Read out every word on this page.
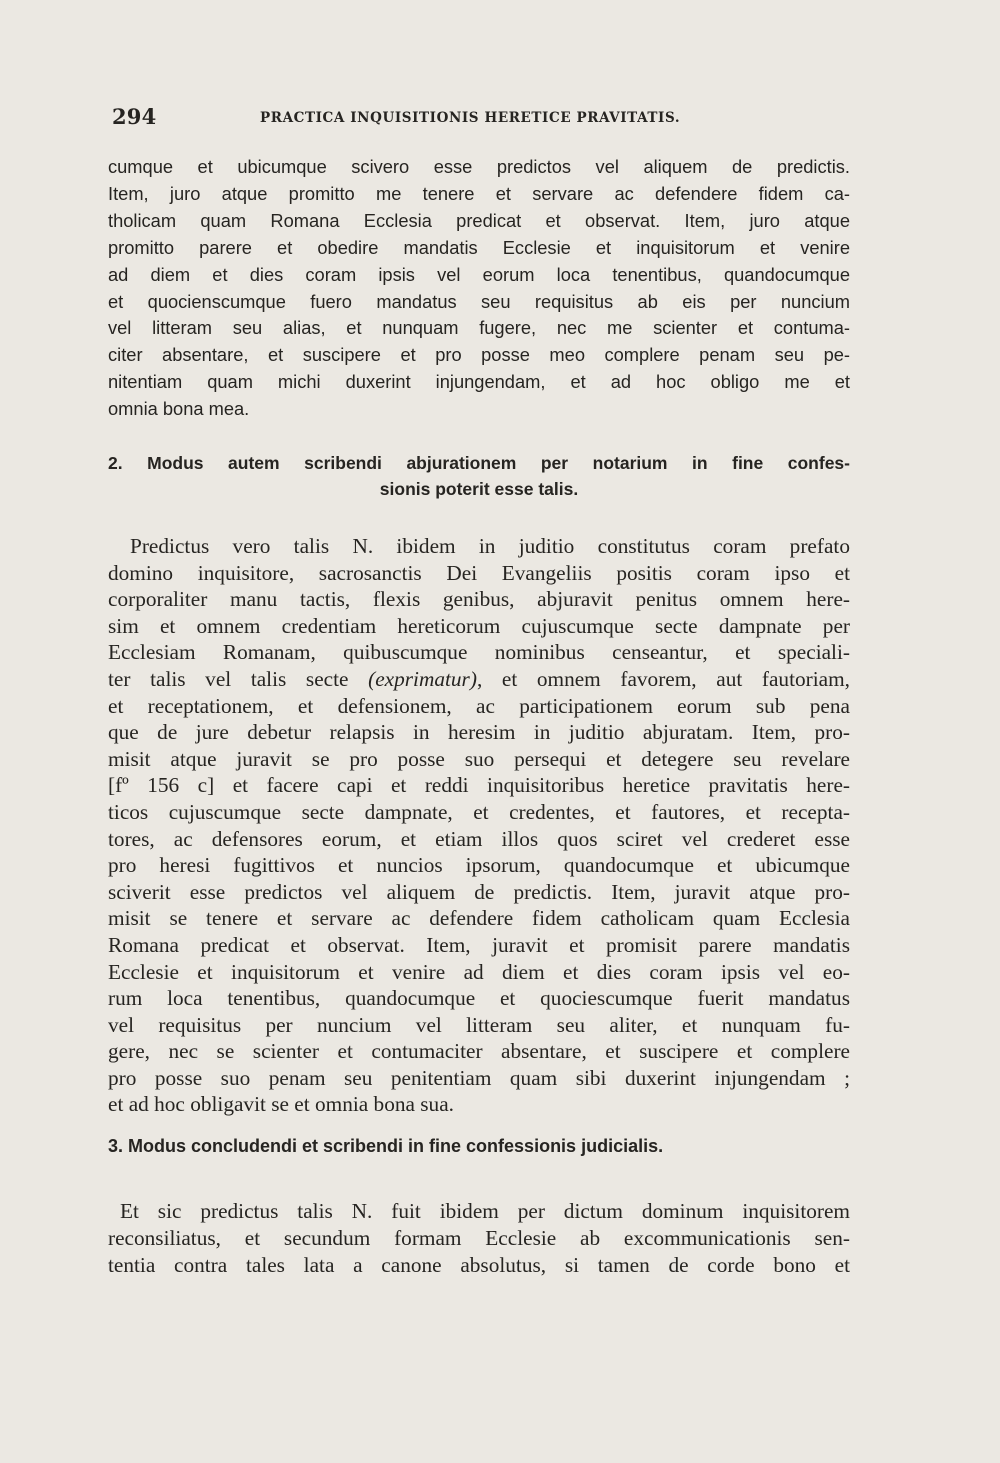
294	PRACTICA INQUISITIONIS HERETICE PRAVITATIS.
cumque et ubicumque scivero esse predictos vel aliquem de predictis.
Item, juro atque promitto me tenere et servare ac defendere fidem ca-
tholicam quam Romana Ecclesia predicat et observat. Item, juro atque
promitto parere et obedire mandatis Ecclesie et inquisitorum et venire
ad diem et dies coram ipsis vel eorum loca tenentibus, quandocumque
et quocienscumque fuero mandatus seu requisitus ab eis per nuncium
vel litteram seu alias, et nunquam fugere, nec me scienter et contuma-
citer absentare, et suscipere et pro posse meo complere penam seu pe-
nitentiam quam michi duxerint injungendam, et ad hoc obligo me et
omnia bona mea.
2. Modus autem scribendi abjurationem per notarium in fine confes-
sionis poterit esse talis.
Predictus vero talis N. ibidem in juditio constitutus coram prefato
domino inquisitore, sacrosanctis Dei Evangeliis positis coram ipso et
corporaliter manu tactis, flexis genibus, abjuravit penitus omnem here-
sim et omnem credentiam hereticorum cujuscumque secte dampnate per
Ecclesiam Romanam, quibuscumque nominibus censeantur, et speciali-
ter talis vel talis secte (exprimatur), et omnem favorem, aut fautoriam,
et receptationem, et defensionem, ac participationem eorum sub pena
que de jure debetur relapsis in heresim in juditio abjuratam. Item, pro-
misit atque juravit se pro posse suo persequi et detegere seu revelare
[fº 156 c] et facere capi et reddi inquisitoribus heretice pravitatis here-
ticos cujuscumque secte dampnate, et credentes, et fautores, et recepta-
tores, ac defensores eorum, et etiam illos quos sciret vel crederet esse
pro heresi fugittivos et nuncios ipsorum, quandocumque et ubicumque
sciverit esse predictos vel aliquem de predictis. Item, juravit atque pro-
misit se tenere et servare ac defendere fidem catholicam quam Ecclesia
Romana predicat et observat. Item, juravit et promisit parere mandatis
Ecclesie et inquisitorum et venire ad diem et dies coram ipsis vel eo-
rum loca tenentibus, quandocumque et quociescumque fuerit mandatus
vel requisitus per nuncium vel litteram seu aliter, et nunquam fu-
gere, nec se scienter et contumaciter absentare, et suscipere et complere
pro posse suo penam seu penitentiam quam sibi duxerint injungendam ;
et ad hoc obligavit se et omnia bona sua.
3. Modus concludendi et scribendi in fine confessionis judicialis.
Et sic predictus talis N. fuit ibidem per dictum dominum inquisitorem
reconsiliatus, et secundum formam Ecclesie ab excommunicationis sen-
tentia contra tales lata a canone absolutus, si tamen de corde bono et
